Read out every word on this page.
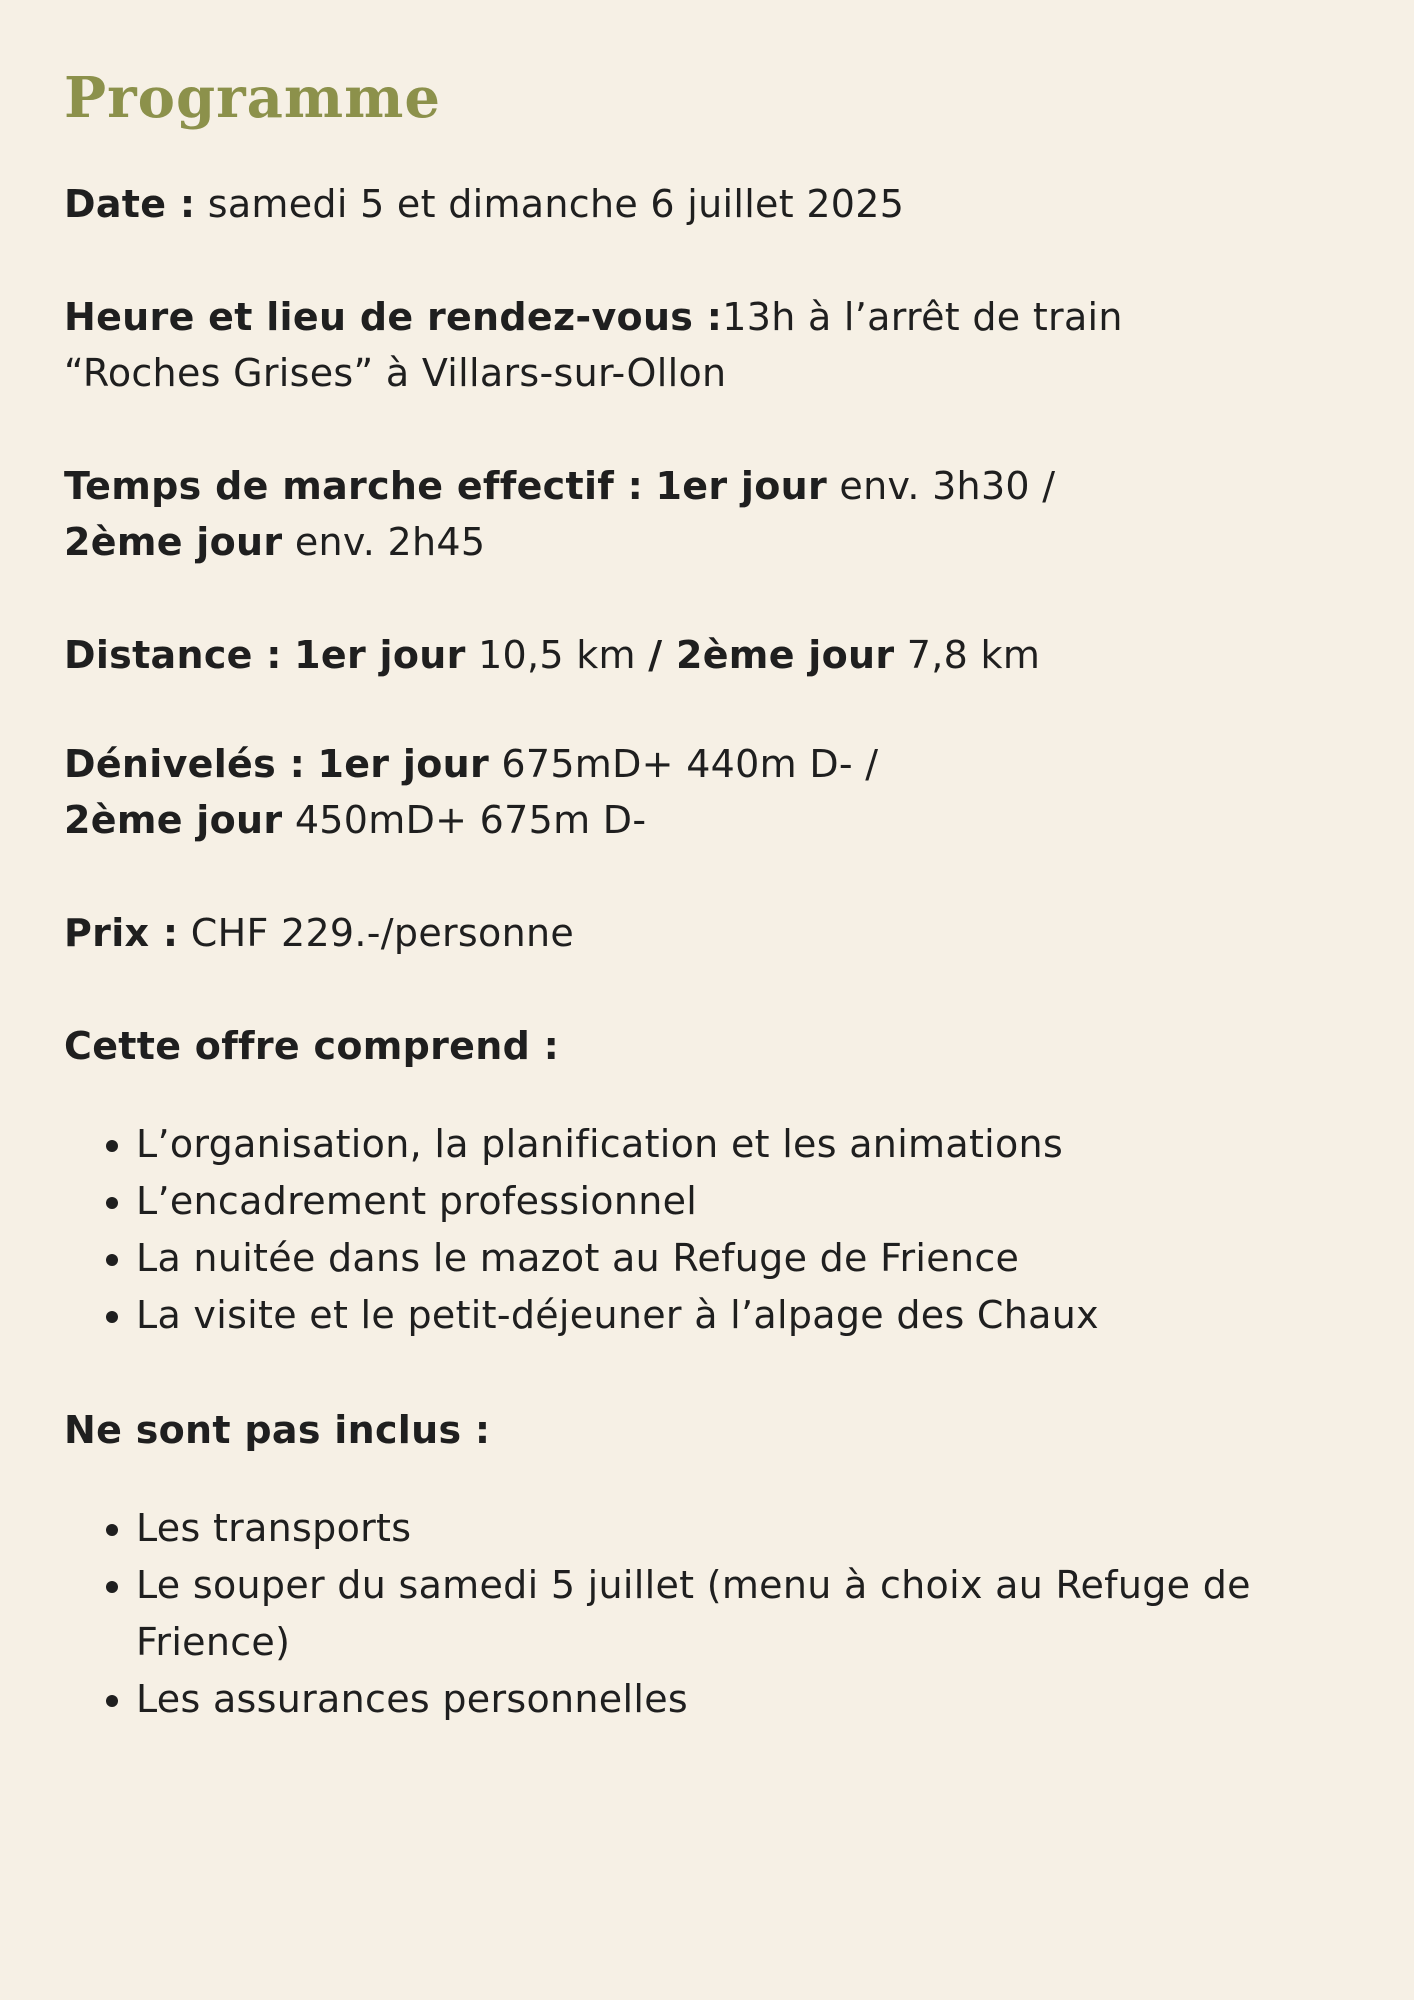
Programme

Date : samedi 5 et dimanche 6 juillet 2025

Heure et lieu de rendez-vous :13h à l’arrêt de train
“Roches Grises” à Villars-sur-Ollon

Temps de marche effectif : 1er jour env. 3h30 /
2ème jour env. 2h45

Distance : 1er jour 10,5 km / 2ème jour 7,8 km

Dénivelés : 1er jour 675mD+ 440m D- /
2ème jour 450mD+ 675m D-

Prix : CHF 229.-/personne

Cette offre comprend :

• L’organisation, la planification et les animations
• L’encadrement professionnel
• La nuitée dans le mazot au Refuge de Frience
• La visite et le petit-déjeuner à l’alpage des Chaux

Ne sont pas inclus :

• Les transports
• Le souper du samedi 5 juillet (menu à choix au Refuge de Frience)
• Les assurances personnelles
